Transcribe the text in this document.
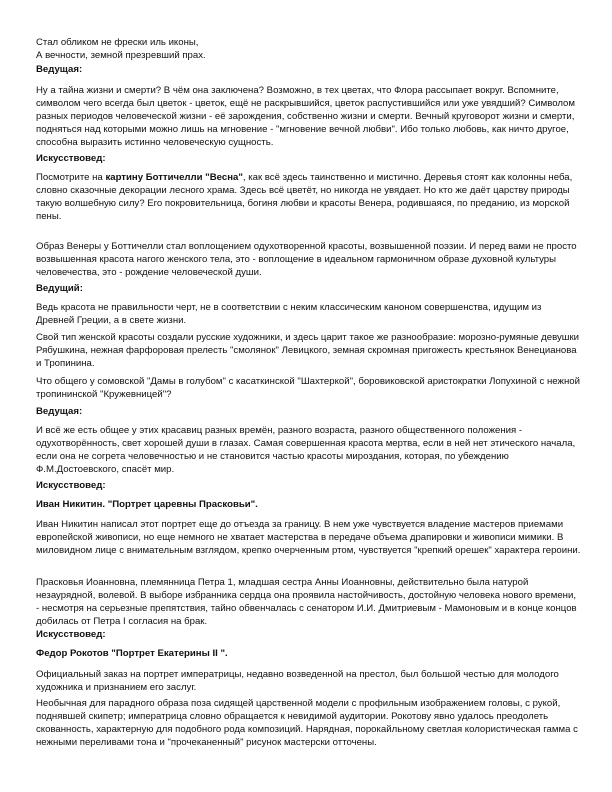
Стал обликом не фрески иль иконы,
А вечности, земной презревший прах.
Ведущая:

Ну а тайна жизни и смерти? В чём она заключена? Возможно, в тех цветах, что Флора рассыпает вокруг. Вспомните, символом чего всегда был цветок - цветок, ещё не раскрывшийся, цветок распустившийся или уже увядший? Символом разных периодов человеческой жизни - её зарождения, собственно жизни и смерти. Вечный круговорот жизни и смерти, подняться над которыми можно лишь на мгновение - "мгновение вечной любви". Ибо только любовь, как ничто другое, способна выразить истинно человеческую сущность.

Искусствовед:

Посмотрите на картину Боттичелли "Весна", как всё здесь таинственно и мистично. Деревья стоят как колонны неба, словно сказочные декорации лесного храма. Здесь всё цветёт, но никогда не увядает. Но кто же даёт царству природы такую волшебную силу? Его покровительница, богиня любви и красоты Венера, родившаяся, по преданию, из морской пены.

Образ Венеры у Боттичелли стал воплощением одухотворенной красоты, возвышенной поэзии. И перед вами не просто возвышенная красота нагого женского тела, это - воплощение в идеальном гармоничном образе духовной культуры человечества, это - рождение человеческой души.

Ведущий:

Ведь красота не правильности черт, не в соответствии с неким классическим каноном совершенства, идущим из Древней Греции, а в свете жизни.

Свой тип женской красоты создали русские художники, и здесь царит такое же разнообразие: морозно-румяные девушки Рябушкина, нежная фарфоровая прелесть "смолянок" Левицкого, земная скромная пригожесть крестьянок Венецианова и Тропинина.

Что общего у сомовской "Дамы в голубом" с касаткинской "Шахтеркой", боровиковской аристократки Лопухиной с нежной тропининской "Кружевницей"?

Ведущая:

И всё же есть общее у этих красавиц разных времён, разного возраста, разного общественного положения - одухотворённость, свет хорошей души в глазах. Самая совершенная красота мертва, если в ней нет этического начала, если она не согрета человечностью и не становится частью красоты мироздания, которая, по убеждению Ф.М.Достоевского, спасёт мир.

Искусствовед:
Иван Никитин. "Портрет царевны Прасковьи".

Иван Никитин написал этот портрет еще до отъезда за границу. В нем уже чувствуется владение мастеров приемами европейской живописи, но еще немного не хватает мастерства в передаче объема драпировки и живописи мимики. В миловидном лице с внимательным взглядом, крепко очерченным ртом, чувствуется "крепкий орешек" характера героини.

Прасковья Иоанновна, племянница Петра 1, младшая сестра Анны Иоанновны, действительно была натурой незаурядной, волевой. В выборе избранника сердца она проявила настойчивость, достойную человека нового времени, - несмотря на серьезные препятствия, тайно обвенчалась с сенатором И.И. Дмитриевым - Мамоновым и в конце концов добилась от Петра I согласия на брак.

Искусствовед:
Федор Рокотов "Портрет Екатерины II ".

Официальный заказ на портрет императрицы, недавно возведенной на престол, был большой честью для молодого художника и признанием его заслуг.

Необычная для парадного образа поза сидящей царственной модели с профильным изображением головы, с рукой, поднявшей скипетр; императрица словно обращается к невидимой аудитории. Рокотову явно удалось преодолеть скованность, характерную для подобного рода композиций. Нарядная, порокайльному светлая колористическая гамма с нежными переливами тона и "прочеканенный" рисунок мастерски отточены.
